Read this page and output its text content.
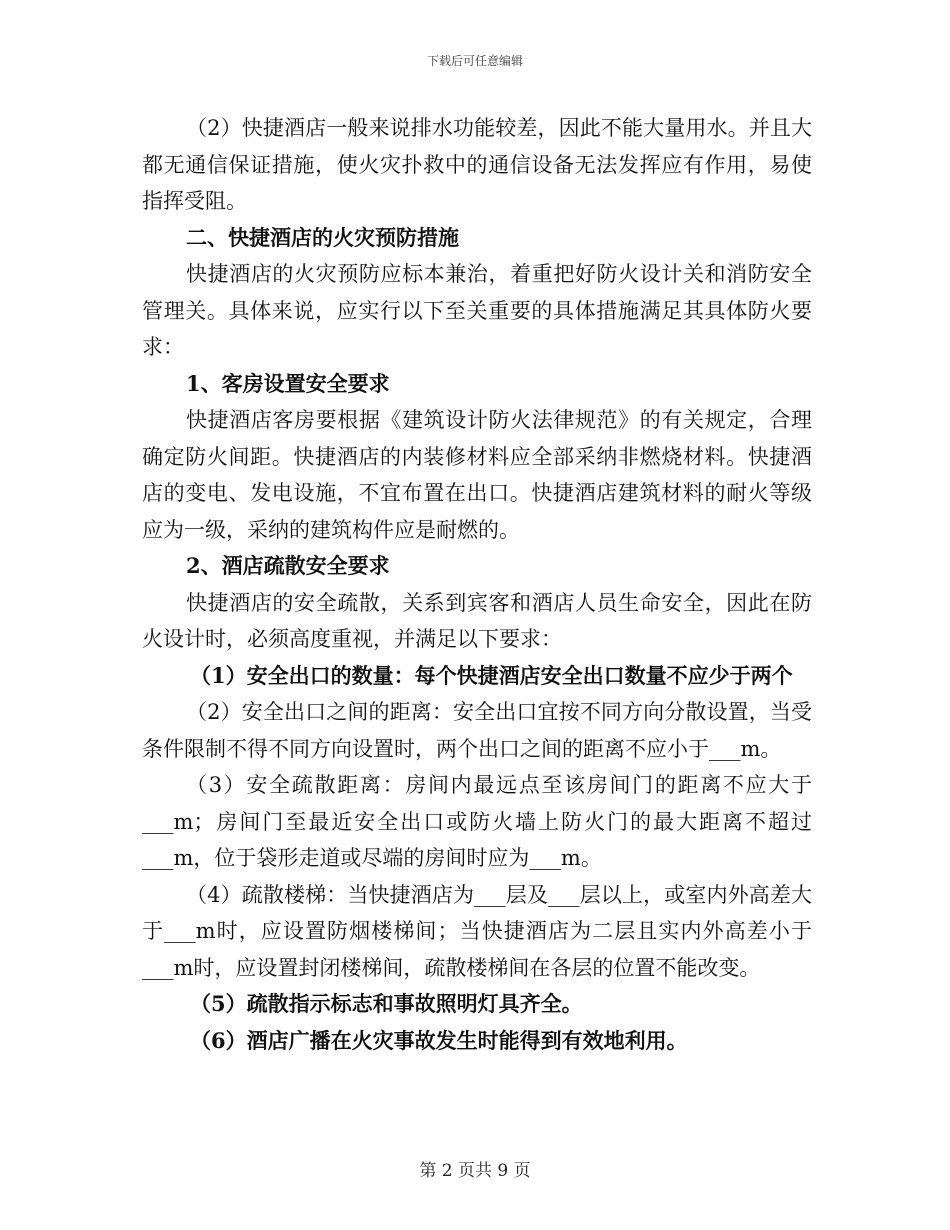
下载后可任意编辑

（2）快捷酒店一般来说排水功能较差，因此不能大量用水。并且大都无通信保证措施，使火灾扑救中的通信设备无法发挥应有作用，易使指挥受阻。

二、快捷酒店的火灾预防措施

快捷酒店的火灾预防应标本兼治，着重把好防火设计关和消防安全管理关。具体来说，应实行以下至关重要的具体措施满足其具体防火要求：

1、客房设置安全要求

快捷酒店客房要根据《建筑设计防火法律规范》的有关规定，合理确定防火间距。快捷酒店的内装修材料应全部采纳非燃烧材料。快捷酒店的变电、发电设施，不宜布置在出口。快捷酒店建筑材料的耐火等级应为一级，采纳的建筑构件应是耐燃的。

2、酒店疏散安全要求

快捷酒店的安全疏散，关系到宾客和酒店人员生命安全，因此在防火设计时，必须高度重视，并满足以下要求：

（1）安全出口的数量：每个快捷酒店安全出口数量不应少于两个

（2）安全出口之间的距离：安全出口宜按不同方向分散设置，当受条件限制不得不同方向设置时，两个出口之间的距离不应小于___m。

（3）安全疏散距离：房间内最远点至该房间门的距离不应大于___m；房间门至最近安全出口或防火墙上防火门的最大距离不超过___m，位于袋形走道或尽端的房间时应为___m。

（4）疏散楼梯：当快捷酒店为___层及___层以上，或室内外高差大于___m时，应设置防烟楼梯间；当快捷酒店为二层且实内外高差小于___m时，应设置封闭楼梯间，疏散楼梯间在各层的位置不能改变。

（5）疏散指示标志和事故照明灯具齐全。

（6）酒店广播在火灾事故发生时能得到有效地利用。

第 2 页共 9 页
